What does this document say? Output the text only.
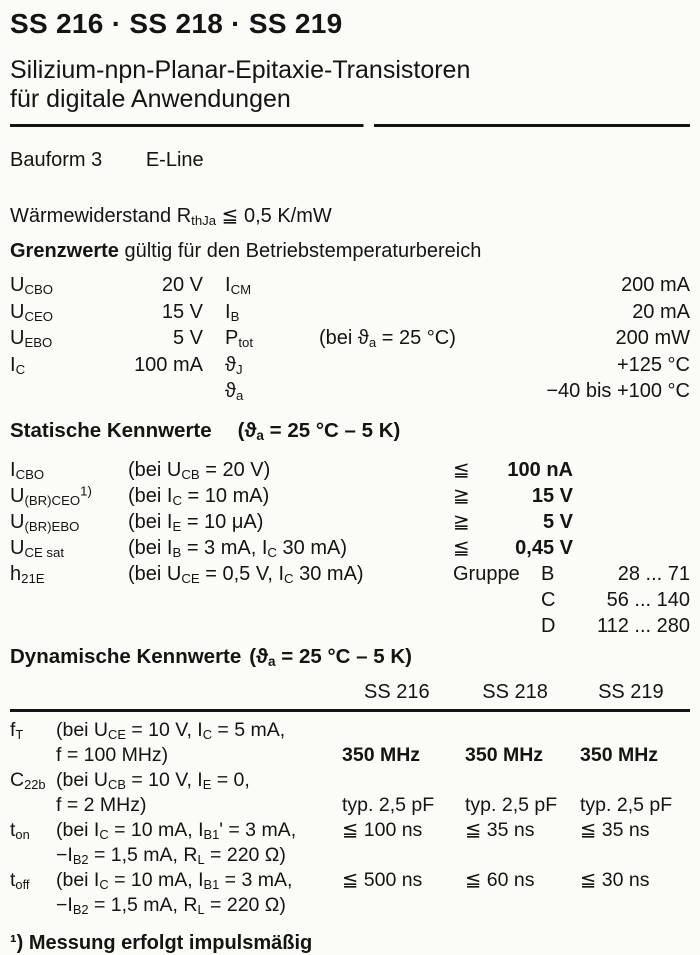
SS 216 · SS 218 · SS 219
Silizium-npn-Planar-Epitaxie-Transistoren
für digitale Anwendungen
Bauform 3 E-Line
Wärmewiderstand $R_{thJa}$ ≦ 0,5 K/mW
Grenzwerte gültig für den Betriebstemperaturbereich
$U_{CBO}$	20 V	$I_{CM}$	200 mA
$U_{CEO}$	15 V	$I_B$	20 mA
$U_{EBO}$	5 V	$P_{tot}$	(bei $ϑ_a = 25$ °C)	200 mW
$I_C$	100 mA	$ϑ_J$	+125 °C
$ϑ_a$	−40 bis +100 °C
Statische Kennwerte ($ϑ_a = 25$ °C – 5 K)
$I_{CBO}$	(bei $U_{CB} = 20$ V)	≦ 100 nA
$U_{(BR)CEO}^{1)}$	(bei $I_C = 10$ mA)	≧	15 V
$U_{(BR)EBO}$	(bei $I_E = 10$ μA)	≧	5 V
$U_{CE sat}$	(bei $I_B = 3$ mA, $I_C$ 30 mA)	≦ 0,45 V
$h_{21E}$	(bei $U_{CE} = 0,5$ V, $I_C$ 30 mA)	Gruppe	B	28 ... 71
C	56 ... 140
D	112 ... 280
Dynamische Kennwerte ($ϑ_a = 25$ °C – 5 K)
SS 216	SS 218	SS 219
$f_T$	(bei $U_{CE} = 10$ V, $I_C = 5$ mA,
f = 100 MHz)	350 MHz	350 MHz	350 MHz
$C_{22b}$ (bei $U_{CB} = 10$ V, $I_E = 0$,
f = 2 MHz)	typ. 2,5 pF	typ. 2,5 pF	typ. 2,5 pF
$t_{on}$	(bei $I_C = 10$ mA, $I_{B1}' = 3$ mA,
$-I_{B2} = 1,5$ mA, $R_L = 220$ Ω)
≦ 100 ns	≦ 35 ns	≦ 35 ns
$t_{off}$	(bei $I_C = 10$ mA, $I_{B1} = 3$ mA,
$-I_{B2} = 1,5$ mA, $R_L = 220$ Ω)
≦ 500 ns	≦ 60 ns	≦ 30 ns
¹) Messung erfolgt impulsmäßig
